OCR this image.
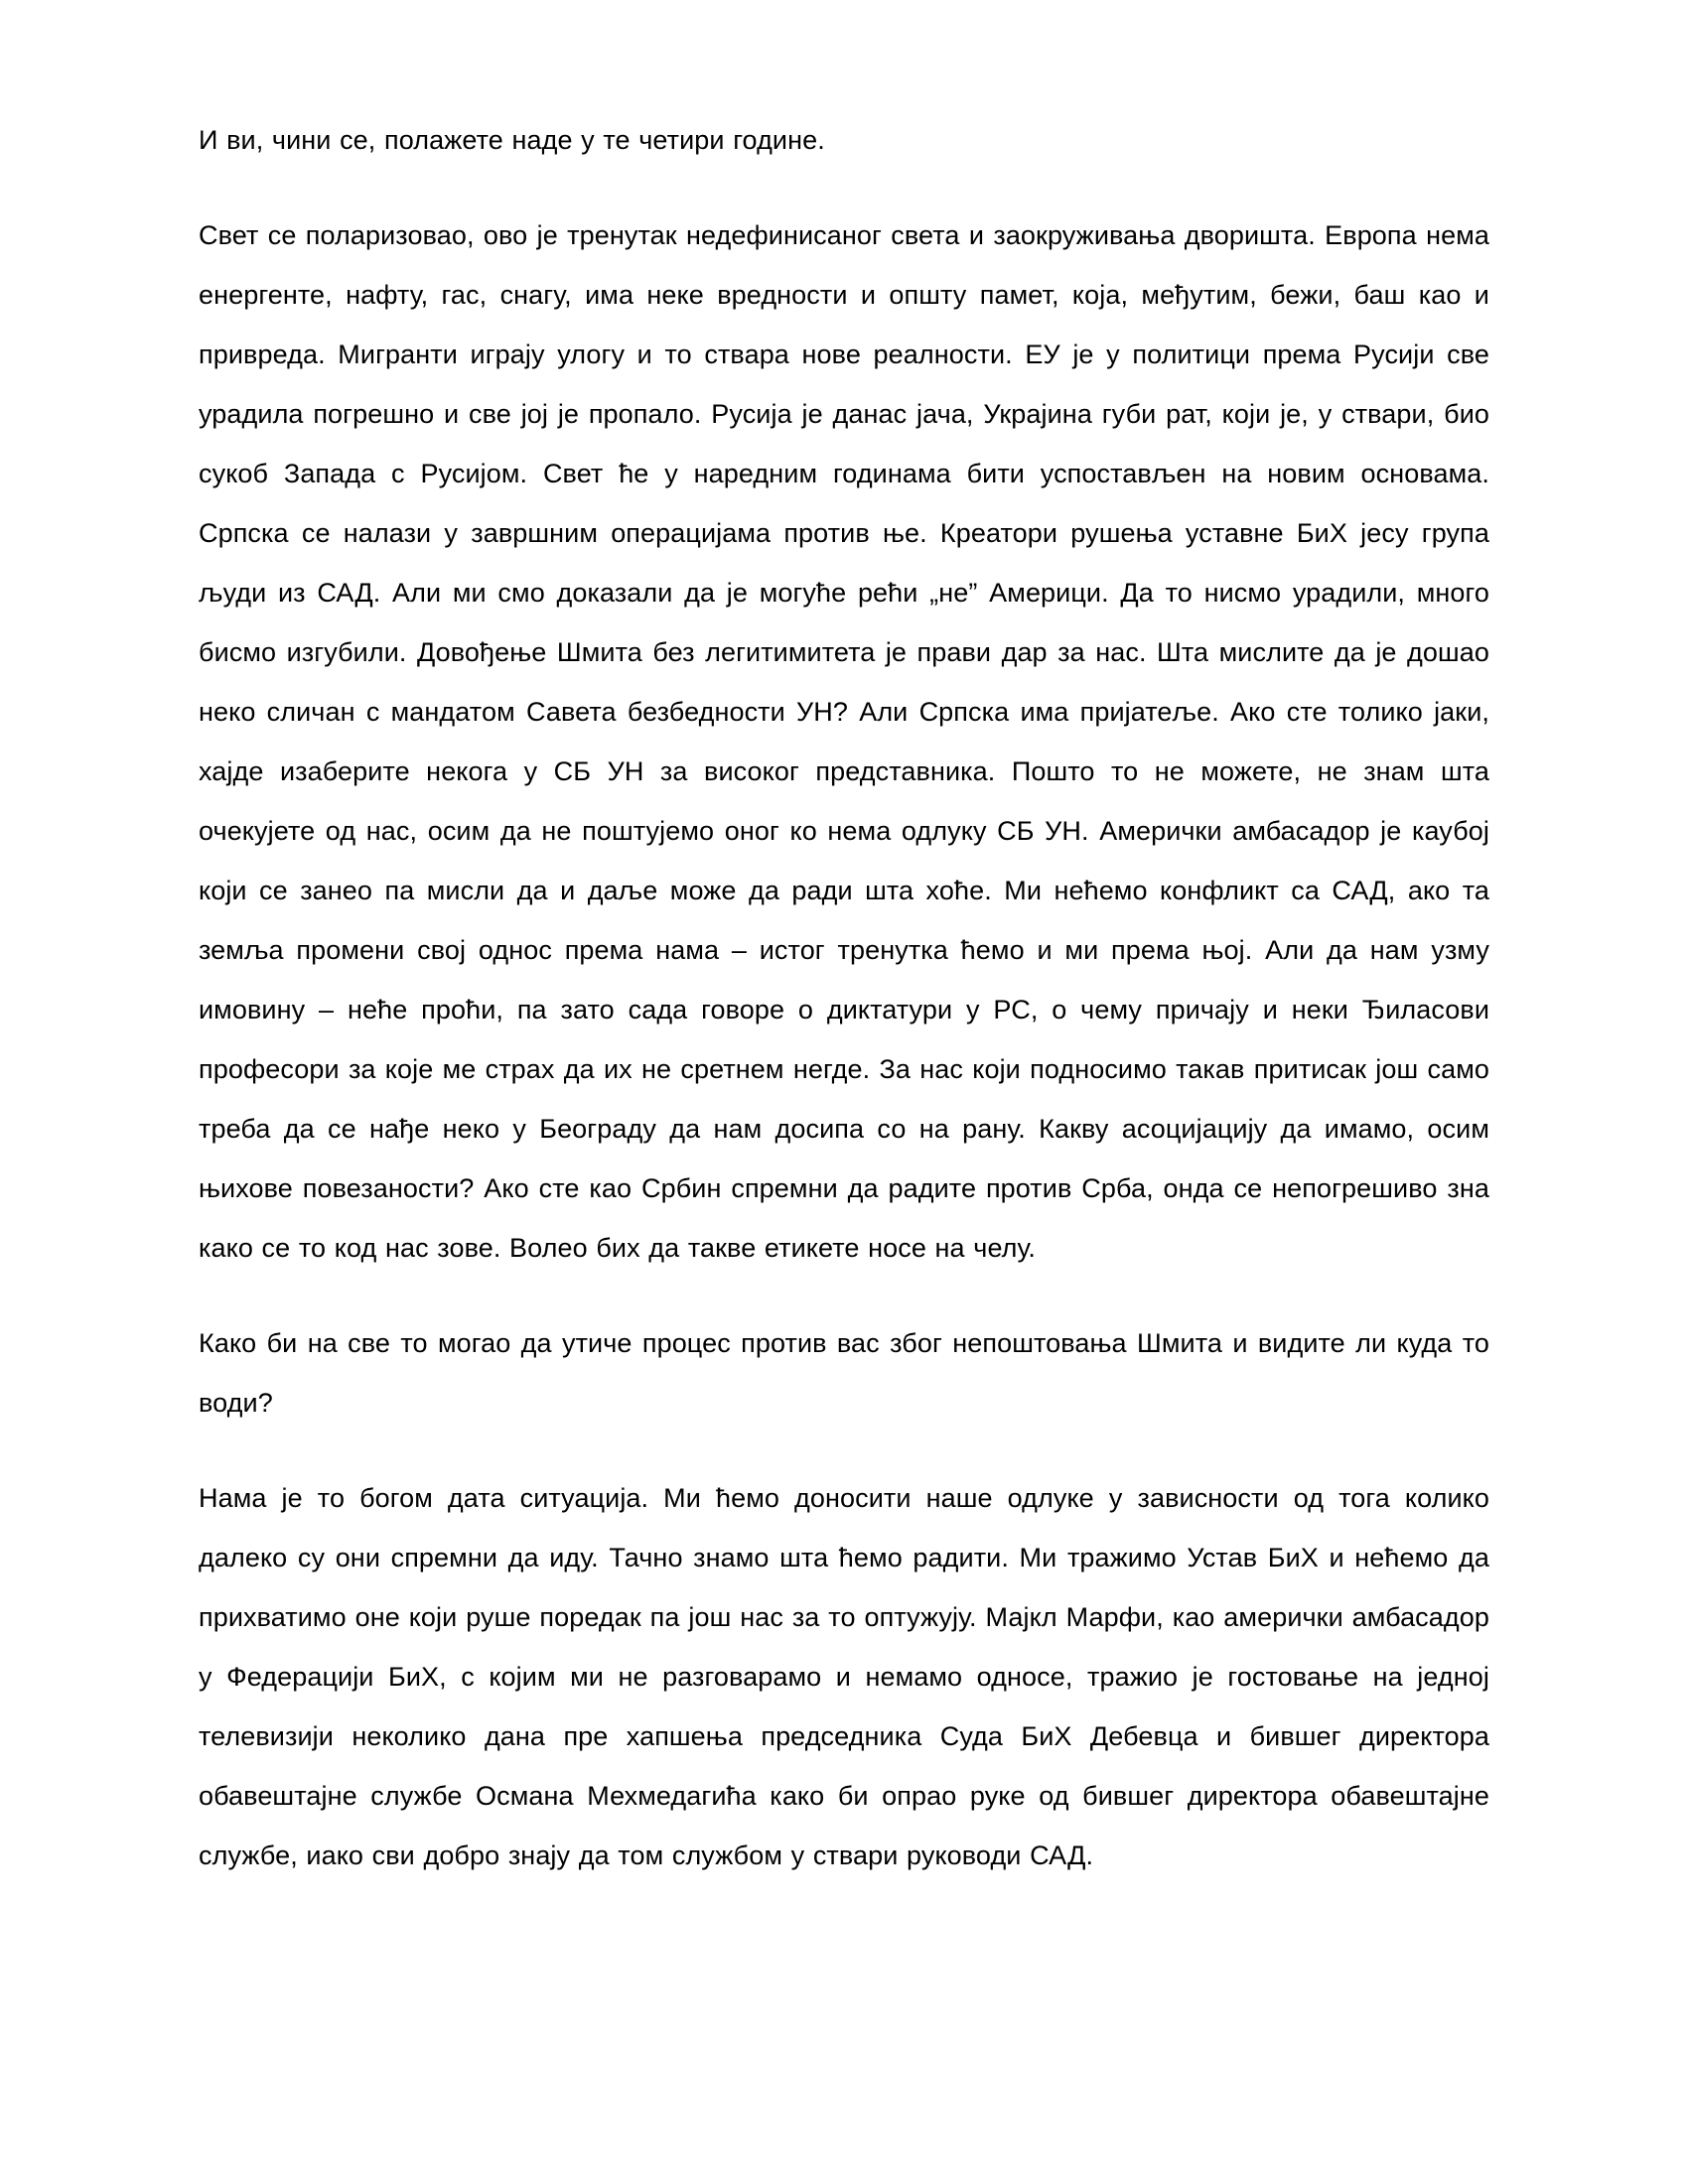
И ви, чини се, полажете наде у те четири године.

Свет се поларизовао, ово је тренутак недефинисаног света и заокруживања дворишта. Европа нема енергенте, нафту, гас, снагу, има неке вредности и општу памет, која, међутим, бежи, баш као и привреда. Мигранти играју улогу и то ствара нове реалности. ЕУ је у политици према Русији све урадила погрешно и све јој је пропало. Русија је данас јача, Украјина губи рат, који је, у ствари, био сукоб Запада с Русијом. Свет ће у наредним годинама бити успостављен на новим основама. Српска се налази у завршним операцијама против ње. Креатори рушења уставне БиХ јесу група људи из САД. Али ми смо доказали да је могуће рећи „не” Америци. Да то нисмо урадили, много бисмо изгубили. Довођење Шмита без легитимитета је прави дар за нас. Шта мислите да је дошао неко сличан с мандатом Савета безбедности УН? Али Српска има пријатеље. Ако сте толико јаки, хајде изаберите некога у СБ УН за високог представника. Пошто то не можете, не знам шта очекујете од нас, осим да не поштујемо оног ко нема одлуку СБ УН. Амерички амбасадор је каубој који се занео па мисли да и даље може да ради шта хоће. Ми нећемо конфликт са САД, ако та земља промени свој однос према нама – истог тренутка ћемо и ми према њој. Али да нам узму имовину – неће проћи, па зато сада говоре о диктатури у РС, о чему причају и неки Ђиласови професори за које ме страх да их не сретнем негде. За нас који подносимо такав притисак још само треба да се нађе неко у Београду да нам досипа со на рану. Какву асоцијацију да имамо, осим њихове повезаности? Ако сте као Србин спремни да радите против Срба, онда се непогрешиво зна како се то код нас зове. Волео бих да такве етикете носе на челу.

Како би на све то могао да утиче процес против вас због непоштовања Шмита и видите ли куда то води?

Нама је то богом дата ситуација. Ми ћемо доносити наше одлуке у зависности од тога колико далеко су они спремни да иду. Тачно знамо шта ћемо радити. Ми тражимо Устав БиХ и нећемо да прихватимо оне који руше поредак па још нас за то оптужују. Мајкл Марфи, као амерички амбасадор у Федерацији БиХ, с којим ми не разговарамо и немамо односе, тражио је гостовање на једној телевизији неколико дана пре хапшења председника Суда БиХ Дебевца и бившег директора обавештајне службе Османа Мехмедагића како би опрао руке од бившег директора обавештајне службе, иако сви добро знају да том службом у ствари руководи САД.
